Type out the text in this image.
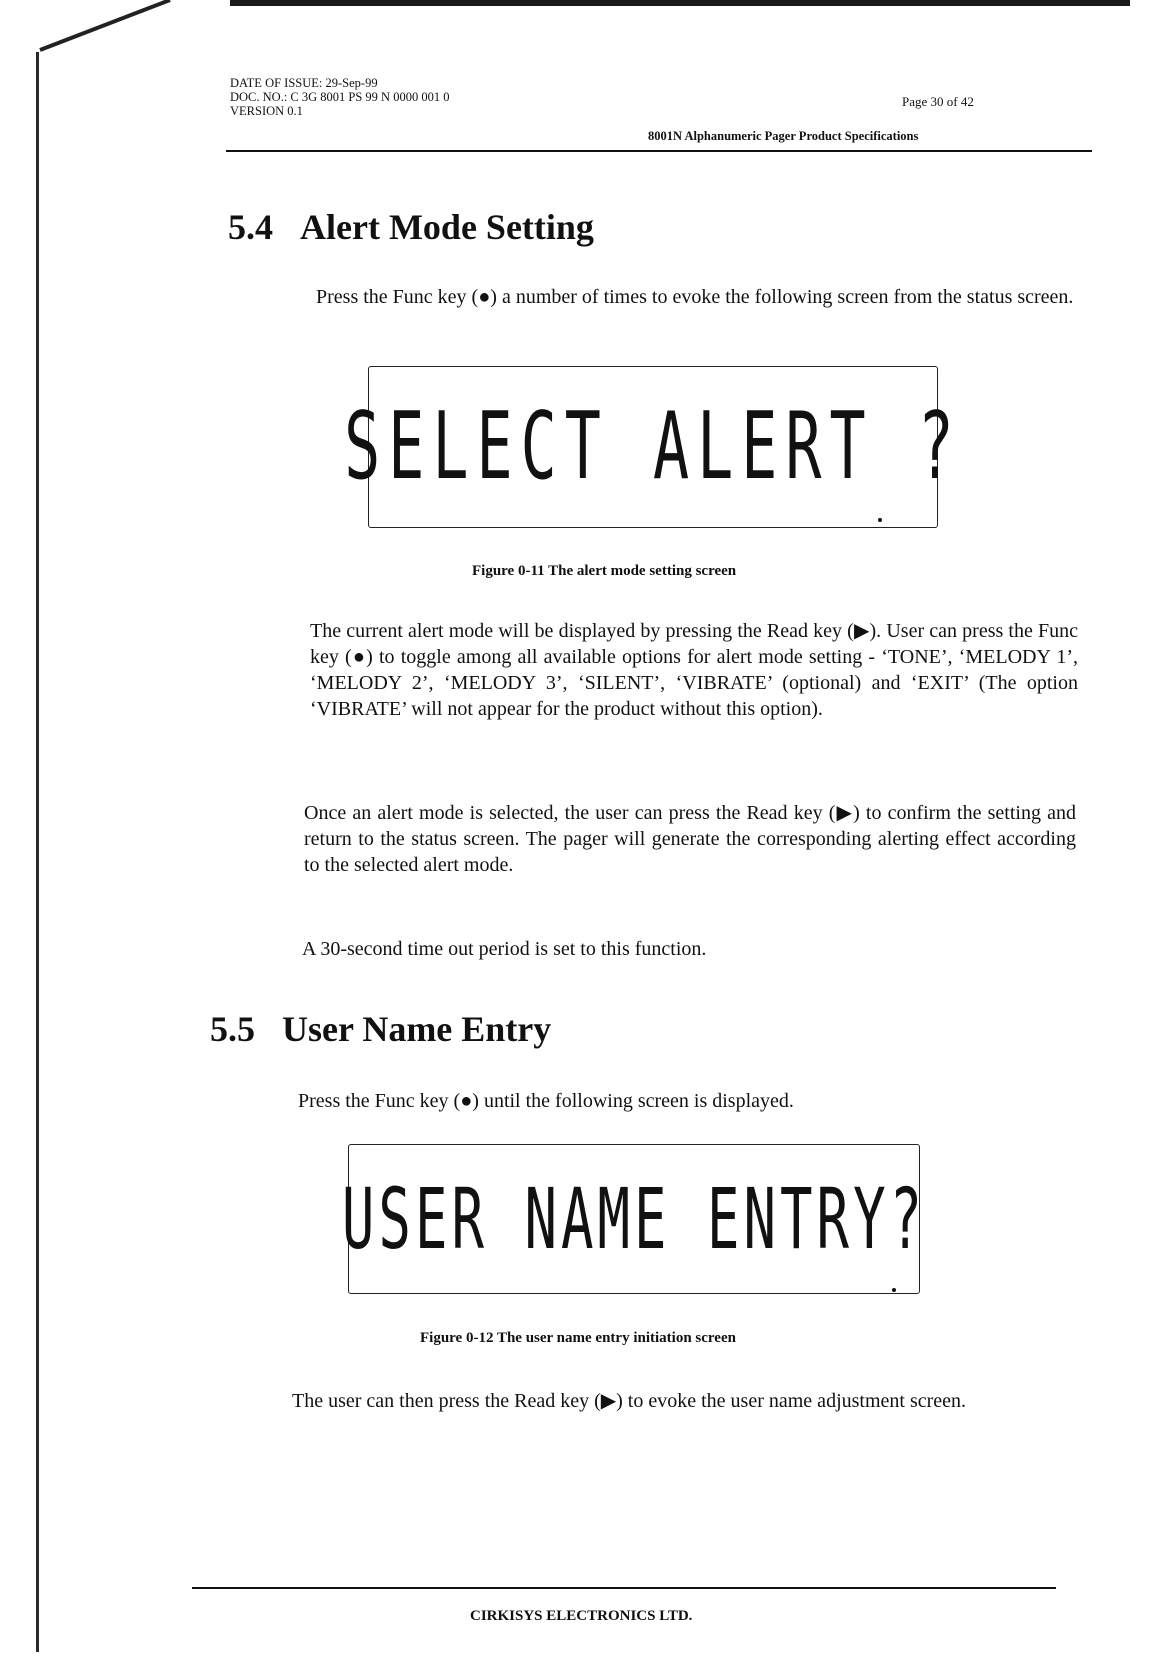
DATE OF ISSUE: 29-Sep-99
DOC. NO.: C 3G 8001 PS 99 N 0000 001 0
VERSION 0.1
Page 30 of 42
8001N Alphanumeric Pager Product Specifications
5.4 Alert Mode Setting
Press the Func key (●) a number of times to evoke the following screen from the status screen.
SELECT ALERT ?
Figure 0-11 The alert mode setting screen
The current alert mode will be displayed by pressing the Read key (▶). User can press the Func key (●) to toggle among all available options for alert mode setting - ‘TONE’, ‘MELODY 1’, ‘MELODY 2’, ‘MELODY 3’, ‘SILENT’, ‘VIBRATE’ (optional) and ‘EXIT’ (The option ‘VIBRATE’ will not appear for the product without this option).
Once an alert mode is selected, the user can press the Read key (▶) to confirm the setting and return to the status screen. The pager will generate the corresponding alerting effect according to the selected alert mode.
A 30-second time out period is set to this function.
5.5 User Name Entry
Press the Func key (●) until the following screen is displayed.
USER NAME ENTRY?
Figure 0-12 The user name entry initiation screen
The user can then press the Read key (▶) to evoke the user name adjustment screen.
CIRKISYS ELECTRONICS LTD.
